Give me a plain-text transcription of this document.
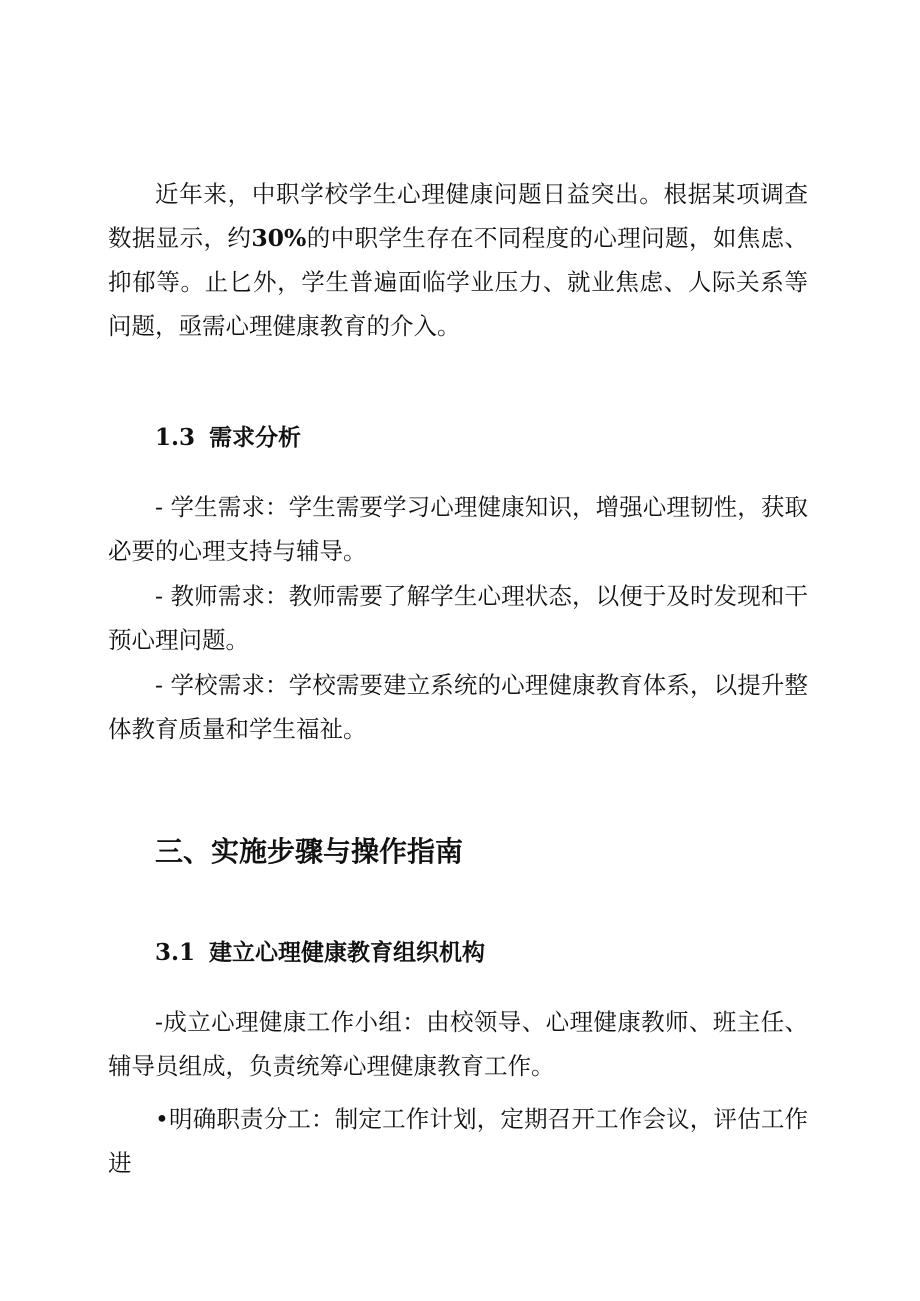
近年来，中职学校学生心理健康问题日益突出。根据某项调查数据显示，约30%的中职学生存在不同程度的心理问题，如焦虑、抑郁等。止匕外，学生普遍面临学业压力、就业焦虑、人际关系等问题，亟需心理健康教育的介入。

1.3 需求分析

- 学生需求：学生需要学习心理健康知识，增强心理韧性，获取必要的心理支持与辅导。

- 教师需求：教师需要了解学生心理状态，以便于及时发现和干预心理问题。

- 学校需求：学校需要建立系统的心理健康教育体系，以提升整体教育质量和学生福祉。

三、实施步骤与操作指南
3.1 建立心理健康教育组织机构

-成立心理健康工作小组：由校领导、心理健康教师、班主任、辅导员组成，负责统筹心理健康教育工作。

•明确职责分工：制定工作计划，定期召开工作会议，评估工作进
